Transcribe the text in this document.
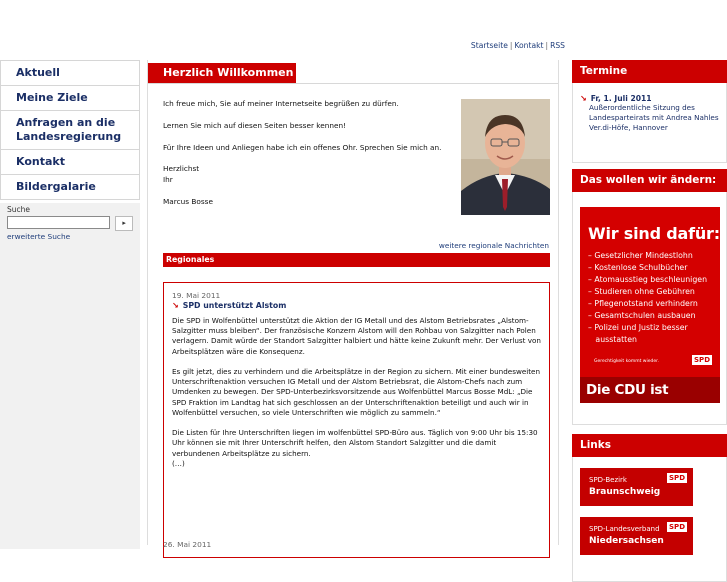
Startseite | Kontakt | RSS
Aktuell
Meine Ziele
Anfragen an die Landesregierung
Kontakt
Bildergalarie
Suche
▸
erweiterte Suche
Herzlich Willkommen

Ich freue mich, Sie auf meiner Internetseite begrüßen zu dürfen.

Lernen Sie mich auf diesen Seiten besser kennen!

Für Ihre Ideen und Anliegen habe ich ein offenes Ohr. Sprechen Sie mich an.

Herzlichst

Ihr

Marcus Bosse

weitere regionale Nachrichten
Regionales
19. Mai 2011
↘ SPD unterstützt Alstom

Die SPD in Wolfenbüttel unterstützt die Aktion der IG Metall und des Alstom Betriebsrates „Alstom-Salzgitter muss bleiben“. Der französische Konzern Alstom will den Rohbau von Salzgitter nach Polen verlagern. Damit würde der Standort Salzgitter halbiert und hätte keine Zukunft mehr. Der Verlust von Arbeitsplätzen wäre die Konsequenz.

Es gilt jetzt, dies zu verhindern und die Arbeitsplätze in der Region zu sichern. Mit einer bundesweiten Unterschriftenaktion versuchen IG Metall und der Alstom Betriebsrat, die Alstom-Chefs nach zum Umdenken zu bewegen. Der SPD-Unterbezirksvorsitzende aus Wolfenbüttel Marcus Bosse MdL: „Die SPD Fraktion im Landtag hat sich geschlossen an der Unterschriftenaktion beteiligt und auch wir in Wolfenbüttel versuchen, so viele Unterschriften wie möglich zu sammeln.“

Die Listen für Ihre Unterschriften liegen im wolfenbüttel SPD-Büro aus. Täglich von 9:00 Uhr bis 15:30 Uhr können sie mit Ihrer Unterschrift helfen, den Alstom Standort Salzgitter und die damit verbundenen Arbeitsplätze zu sichern.
(…)
26. Mai 2011
Termine
↘ Fr, 1. Juli 2011
Außerordentliche Sitzung des
Landesparteirats mit Andrea Nahles
Ver.di-Höfe, Hannover
Das wollen wir ändern:
Wir sind dafür:
– Gesetzlicher Mindestlohn
– Kostenlose Schulbücher
– Atomausstieg beschleunigen
– Studieren ohne Gebühren
– Pflegenotstand verhindern
– Gesamtschulen ausbauen
– Polizei und Justiz besser
ausstatten
Gerechtigkeit kommt wieder.	SPD
Die CDU ist dagegen.
Links
SPD-Bezirk
Braunschweig
SPD
SPD-Landesverband
Niedersachsen
SPD
